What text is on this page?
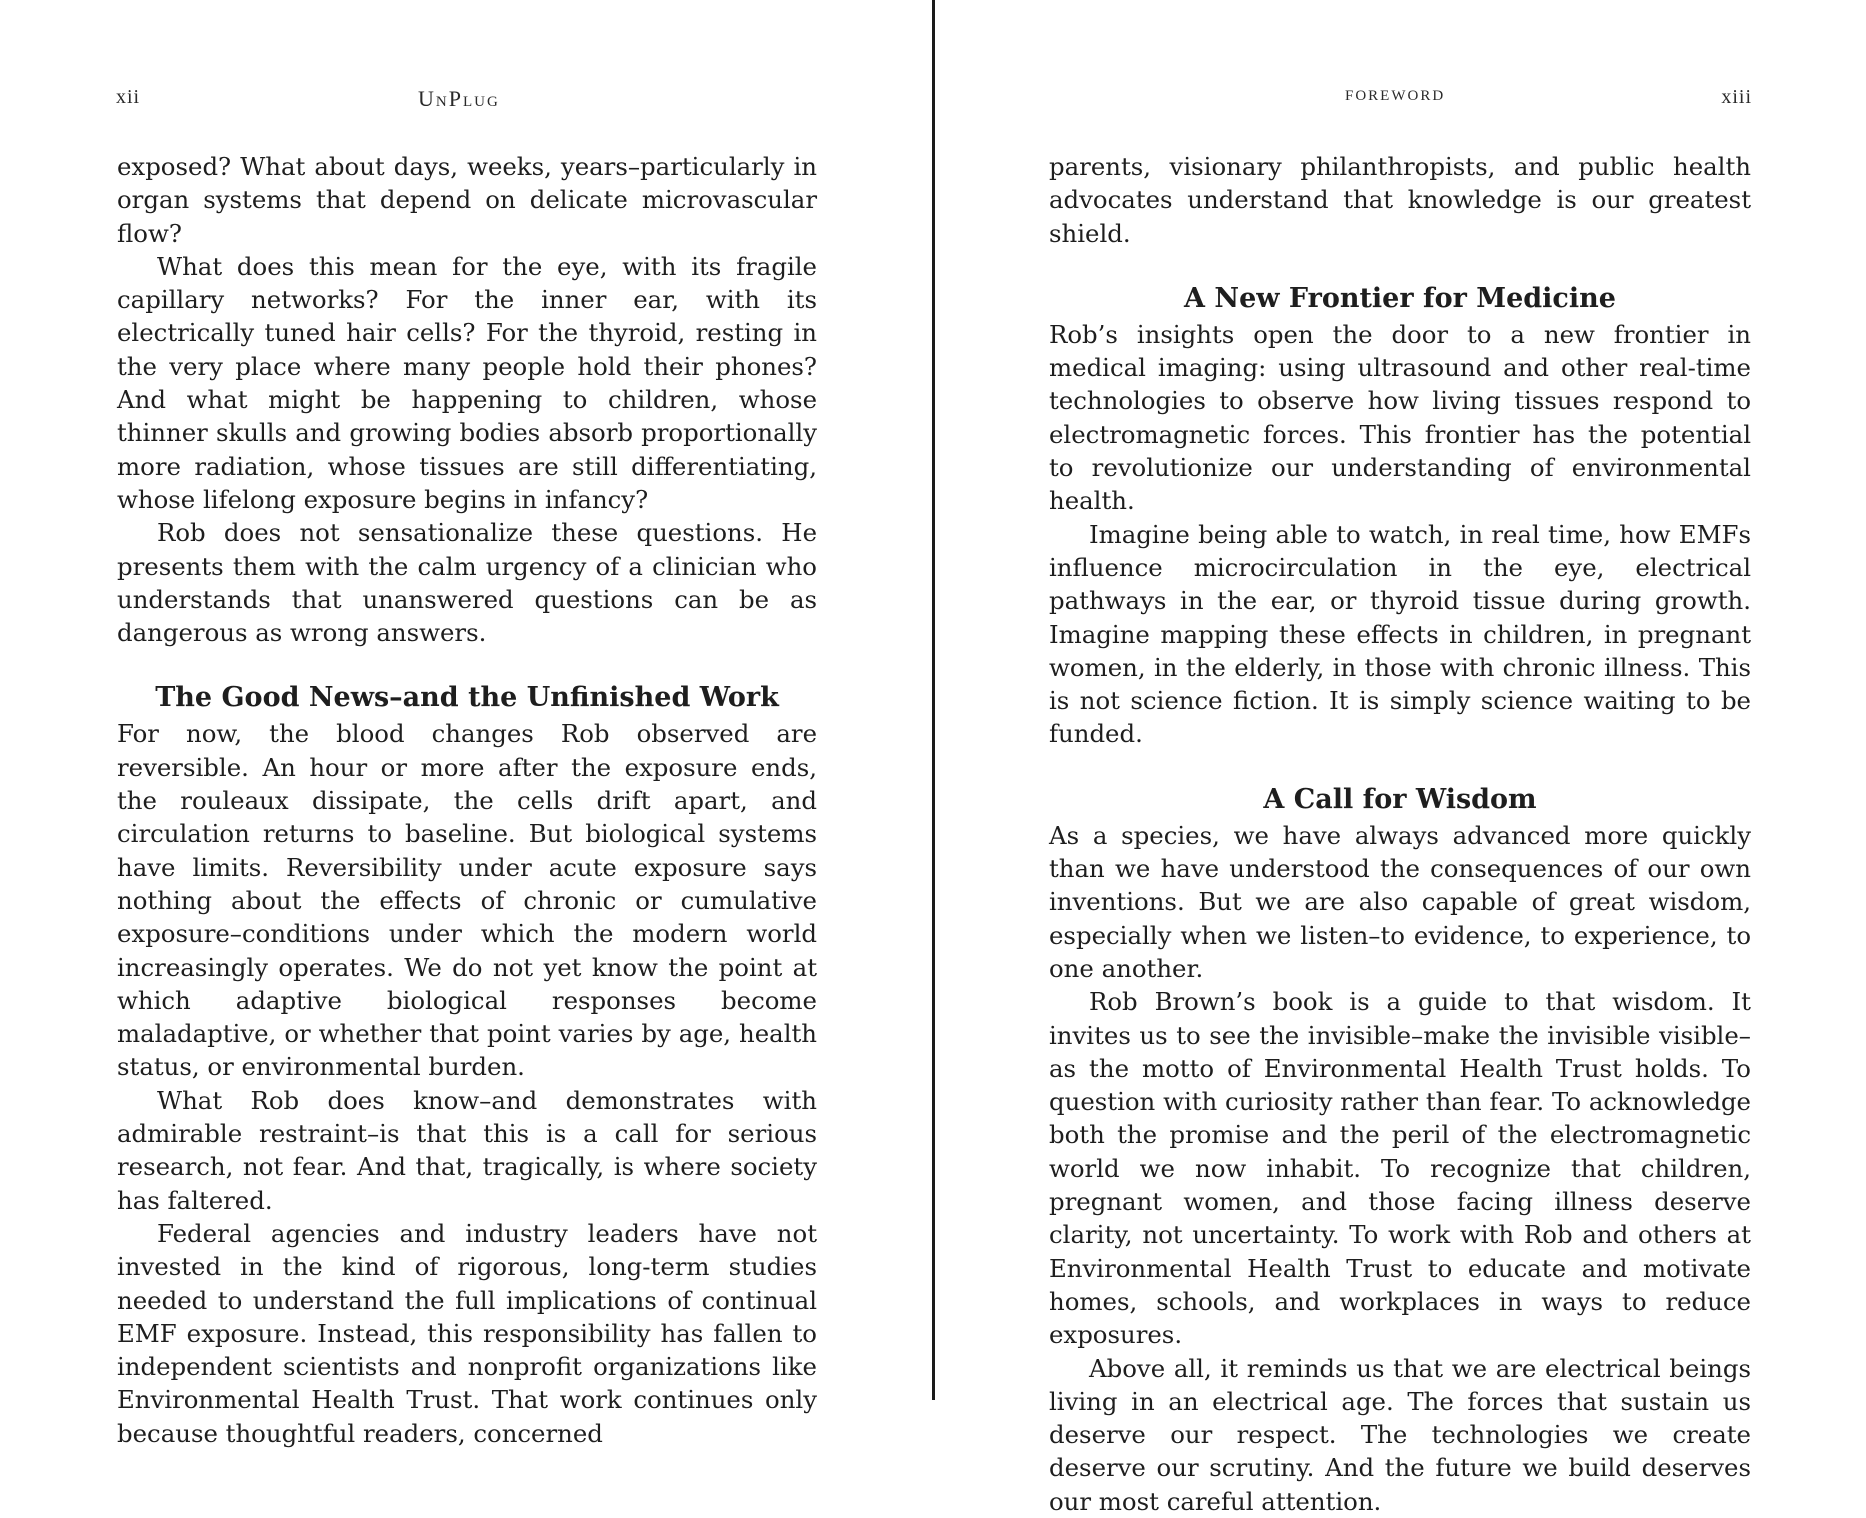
xii	UnPlug

exposed? What about days, weeks, years–particularly in organ systems that depend on delicate microvascular flow?

What does this mean for the eye, with its fragile capillary networks? For the inner ear, with its electrically tuned hair cells? For the thyroid, resting in the very place where many people hold their phones? And what might be happening to children, whose thinner skulls and growing bodies absorb proportionally more radiation, whose tissues are still differentiating, whose lifelong exposure begins in infancy?

Rob does not sensationalize these questions. He presents them with the calm urgency of a clinician who understands that unanswered questions can be as dangerous as wrong answers.

The Good News–and the Unfinished Work

For now, the blood changes Rob observed are reversible. An hour or more after the exposure ends, the rouleaux dissipate, the cells drift apart, and circulation returns to baseline. But biological systems have limits. Reversibility under acute exposure says nothing about the effects of chronic or cumulative exposure–conditions under which the modern world increasingly operates. We do not yet know the point at which adaptive biological responses become maladaptive, or whether that point varies by age, health status, or environmental burden.

What Rob does know–and demonstrates with admirable restraint–is that this is a call for serious research, not fear. And that, tragically, is where society has faltered.

Federal agencies and industry leaders have not invested in the kind of rigorous, long-term studies needed to understand the full implications of continual EMF exposure. Instead, this responsibility has fallen to independent scientists and nonprofit organizations like Environmental Health Trust. That work continues only because thoughtful readers, concerned

FOREWORD	xiii

parents, visionary philanthropists, and public health advocates understand that knowledge is our greatest shield.

A New Frontier for Medicine

Rob’s insights open the door to a new frontier in medical imaging: using ultrasound and other real-time technologies to observe how living tissues respond to electromagnetic forces. This frontier has the potential to revolutionize our understanding of environmental health.

Imagine being able to watch, in real time, how EMFs influence microcirculation in the eye, electrical pathways in the ear, or thyroid tissue during growth. Imagine mapping these effects in children, in pregnant women, in the elderly, in those with chronic illness. This is not science fiction. It is simply science waiting to be funded.

A Call for Wisdom

As a species, we have always advanced more quickly than we have understood the consequences of our own inventions. But we are also capable of great wisdom, especially when we listen–to evidence, to experience, to one another.

Rob Brown’s book is a guide to that wisdom. It invites us to see the invisible–make the invisible visible–as the motto of Environmental Health Trust holds. To question with curiosity rather than fear. To acknowledge both the promise and the peril of the electromagnetic world we now inhabit. To recognize that children, pregnant women, and those facing illness deserve clarity, not uncertainty. To work with Rob and others at Environmental Health Trust to educate and motivate homes, schools, and workplaces in ways to reduce exposures.

Above all, it reminds us that we are electrical beings living in an electrical age. The forces that sustain us deserve our respect. The technologies we create deserve our scrutiny. And the future we build deserves our most careful attention.
